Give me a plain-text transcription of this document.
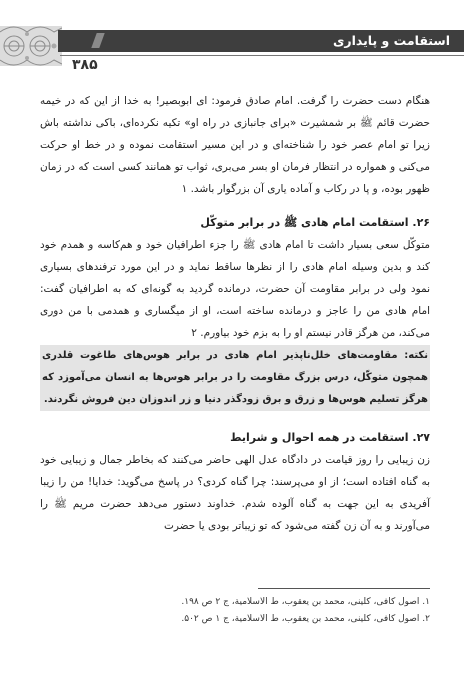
استقامت و پایداری
۳۸۵

هنگام دست حضرت را گرفت. امام صادق فرمود: ای ابوبصیر! به خدا از این که در خیمه حضرت قائم ﷺ بر شمشیرت «برای جانبازی در راه او» تکیه نکرده‌ای، باکی نداشته باش زیرا تو امام عصر خود را شناخته‌ای و در این مسیر استقامت نموده و در خط او حرکت می‌کنی و همواره در انتظار فرمان او بسر می‌بری، ثواب تو همانند کسی است که در زمان ظهور بوده، و پا در رکاب و آماده یاری آن بزرگوار باشد. ۱

۲۶. استقامت امام هادی ﷺ در برابر متوکّل

متوکّل سعی بسیار داشت تا امام هادی ﷺ را جزء اطرافیان خود و هم‌کاسه و همدم خود کند و بدین وسیله امام هادی را از نظرها ساقط نماید و در این مورد ترفندهای بسیاری نمود ولی در برابر مقاومت آن حضرت، درمانده گردید به گونه‌ای که به اطرافیان گفت: امام هادی من را عاجز و درمانده ساخته است، او از میگساری و همدمی با من دوری می‌کند، من هرگز قادر نیستم او را به بزم خود بیاورم. ۲

نکته: مقاومت‌های خلل‌ناپذیر امام هادی در برابر هوس‌های طاغوت قلدری همچون متوکّل، درس بزرگ مقاومت را در برابر هوس‌ها به انسان می‌آموزد که هرگز تسلیم هوس‌ها و زرق و برق زودگذر دنیا و زر اندوزان دین فروش نگردند.

۲۷. استقامت در همه احوال و شرایط

زن زیبایی را روز قیامت در دادگاه عدل الهی حاضر می‌کنند که بخاطر جمال و زیبایی خود به گناه افتاده است؛ از او می‌پرسند: چرا گناه کردی؟ در پاسخ می‌گوید: خدایا! من را زیبا آفریدی به این جهت به گناه آلوده شدم. خداوند دستور می‌دهد حضرت مریم ﷺ را می‌آورند و به آن زن گفته می‌شود که تو زیباتر بودی یا حضرت

۱. اصول کافی، کلینی، محمد بن یعقوب، ط الاسلامیة، ج ۲ ص ۱۹۸.

۲. اصول کافی، کلینی، محمد بن یعقوب، ط الاسلامیة، ج ۱ ص ۵۰۲.
